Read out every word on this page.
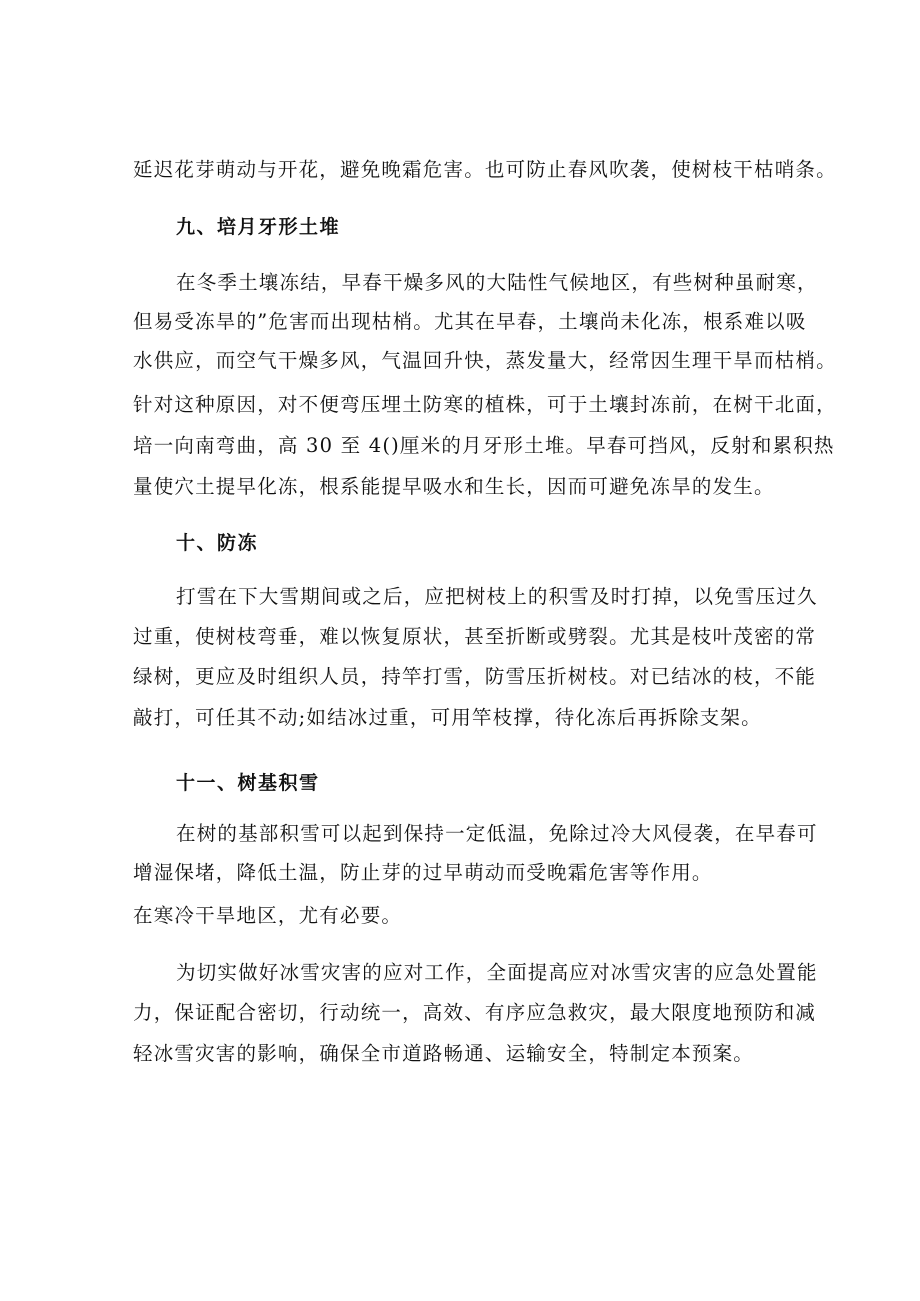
延迟花芽萌动与开花，避免晚霜危害。也可防止春风吹袭，使树枝干枯哨条。

九、培月牙形土堆

在冬季土壤冻结，早春干燥多风的大陆性气候地区，有些树种虽耐寒，

但易受冻旱的”危害而出现枯梢。尤其在早春，土壤尚未化冻，根系难以吸

水供应，而空气干燥多风，气温回升快，蒸发量大，经常因生理干旱而枯梢。

针对这种原因，对不便弯压埋土防寒的植株，可于土壤封冻前，在树干北面，

培一向南弯曲，高 30 至 4()厘米的月牙形土堆。早春可挡风，反射和累积热

量使穴土提早化冻，根系能提早吸水和生长，因而可避免冻旱的发生。

十、防冻

打雪在下大雪期间或之后，应把树枝上的积雪及时打掉，以免雪压过久

过重，使树枝弯垂，难以恢复原状，甚至折断或劈裂。尤其是枝叶茂密的常

绿树，更应及时组织人员，持竿打雪，防雪压折树枝。对已结冰的枝，不能

敲打，可任其不动;如结冰过重，可用竿枝撑，待化冻后再拆除支架。

十一、树基积雪

在树的基部积雪可以起到保持一定低温，免除过冷大风侵袭，在早春可

增湿保堵，降低土温，防止芽的过早萌动而受晚霜危害等作用。

在寒冷干旱地区，尤有必要。

为切实做好冰雪灾害的应对工作，全面提高应对冰雪灾害的应急处置能

力，保证配合密切，行动统一，高效、有序应急救灾，最大限度地预防和减

轻冰雪灾害的影响，确保全市道路畅通、运输安全，特制定本预案。
